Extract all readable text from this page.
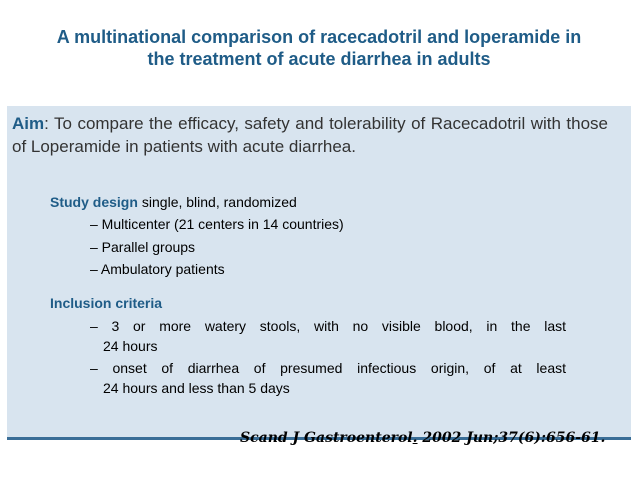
A multinational comparison of racecadotril and loperamide in
the treatment of acute diarrhea in adults
Aim: To compare the efficacy, safety and tolerability of Racecadotril with those of Loperamide in patients with acute diarrhea.
Study design single, blind, randomized
– Multicenter (21 centers in 14 countries)
– Parallel groups
– Ambulatory patients
Inclusion criteria
– 3 or more watery stools, with no visible blood, in the last
24 hours
– onset of diarrhea of presumed infectious origin, of at least
24 hours and less than 5 days
Scand J Gastroenterol. 2002 Jun;37(6):656-61.
